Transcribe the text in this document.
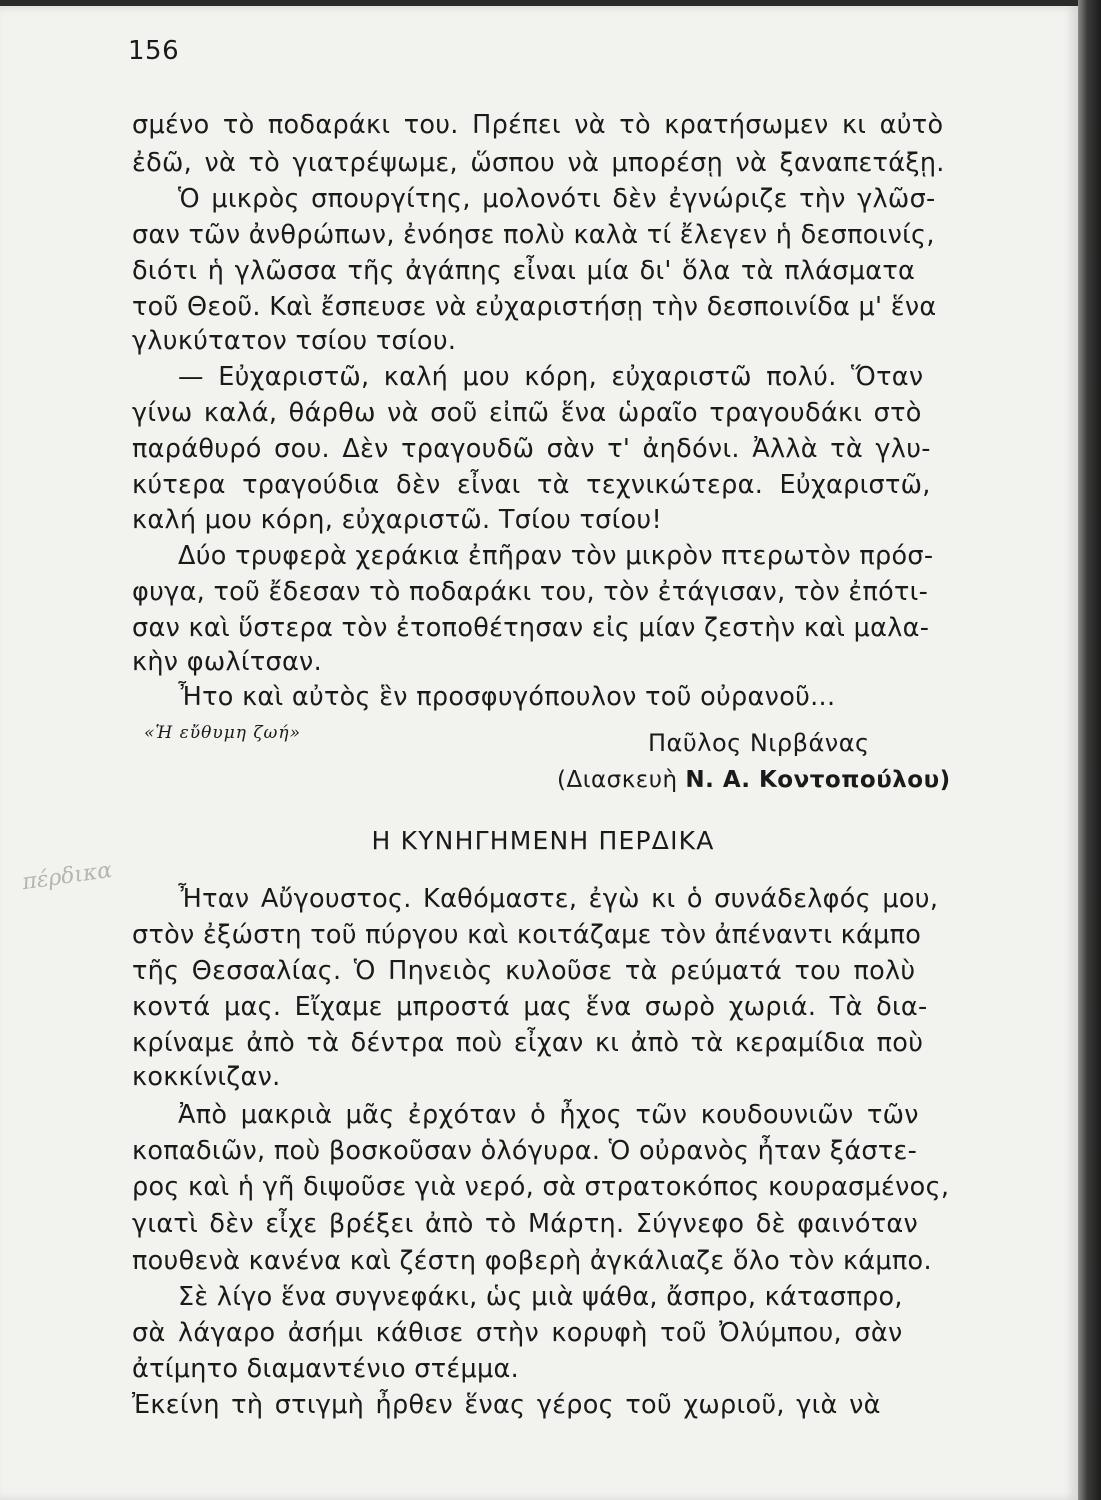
156
σμένο τὸ ποδαράκι του. Πρέπει νὰ τὸ κρατήσωμεν κι αὐτὸ
ἐδῶ, νὰ τὸ γιατρέψωμε, ὥσπου νὰ μπορέσῃ νὰ ξαναπετάξῃ.
Ὁ μικρὸς σπουργίτης, μολονότι δὲν ἐγνώριζε τὴν γλῶσ-
σαν τῶν ἀνθρώπων, ἐνόησε πολὺ καλὰ τί ἔλεγεν ἡ δεσποινίς,
διότι ἡ γλῶσσα τῆς ἀγάπης εἶναι μία δι' ὅλα τὰ πλάσματα
τοῦ Θεοῦ. Καὶ ἔσπευσε νὰ εὐχαριστήσῃ τὴν δεσποινίδα μ' ἕνα
γλυκύτατον τσίου τσίου.
— Εὐχαριστῶ, καλή μου κόρη, εὐχαριστῶ πολύ. Ὅταν
γίνω καλά, θάρθω νὰ σοῦ εἰπῶ ἕνα ὡραῖο τραγουδάκι στὸ
παράθυρό σου. Δὲν τραγουδῶ σὰν τ' ἀηδόνι. Ἀλλὰ τὰ γλυ-
κύτερα τραγούδια δὲν εἶναι τὰ τεχνικώτερα. Εὐχαριστῶ,
καλή μου κόρη, εὐχαριστῶ. Τσίου τσίου!
Δύο τρυφερὰ χεράκια ἐπῆραν τὸν μικρὸν πτερωτὸν πρόσ-
φυγα, τοῦ ἔδεσαν τὸ ποδαράκι του, τὸν ἐτάγισαν, τὸν ἐπότι-
σαν καὶ ὕστερα τὸν ἐτοποθέτησαν εἰς μίαν ζεστὴν καὶ μαλα-
κὴν φωλίτσαν.
Ἦτο καὶ αὐτὸς ἓν προσφυγόπουλον τοῦ οὐρανοῦ...
«Ἡ εὔθυμη ζωή»	Παῦλος Νιρβάνας
(Διασκευὴ Ν. Α. Κοντοπούλου)
Η ΚΥΝΗΓΗΜΕΝΗ ΠΕΡΔΙΚΑ
πέρδικα
Ἦταν Αὔγουστος. Καθόμαστε, ἐγὼ κι ὁ συνάδελφός μου,
στὸν ἐξώστη τοῦ πύργου καὶ κοιτάζαμε τὸν ἀπέναντι κάμπο
τῆς Θεσσαλίας. Ὁ Πηνειὸς κυλοῦσε τὰ ρεύματά του πολὺ
κοντά μας. Εἴχαμε μπροστά μας ἕνα σωρὸ χωριά. Τὰ δια-
κρίναμε ἀπὸ τὰ δέντρα ποὺ εἶχαν κι ἀπὸ τὰ κεραμίδια ποὺ
κοκκίνιζαν.
Ἀπὸ μακριὰ μᾶς ἐρχόταν ὁ ἦχος τῶν κουδουνιῶν τῶν
κοπαδιῶν, ποὺ βοσκοῦσαν ὁλόγυρα. Ὁ οὐρανὸς ἦταν ξάστε-
ρος καὶ ἡ γῆ διψοῦσε γιὰ νερό, σὰ στρατοκόπος κουρασμένος,
γιατὶ δὲν εἶχε βρέξει ἀπὸ τὸ Μάρτη. Σύγνεφο δὲ φαινόταν
πουθενὰ κανένα καὶ ζέστη φοβερὴ ἀγκάλιαζε ὅλο τὸν κάμπο.
Σὲ λίγο ἕνα συγνεφάκι, ὡς μιὰ ψάθα, ἄσπρο, κάτασπρο,
σὰ λάγαρο ἀσήμι κάθισε στὴν κορυφὴ τοῦ Ὀλύμπου, σὰν
ἀτίμητο διαμαντένιο στέμμα.
Ἐκείνη τὴ στιγμὴ ἦρθεν ἕνας γέρος τοῦ χωριοῦ, γιὰ νὰ
